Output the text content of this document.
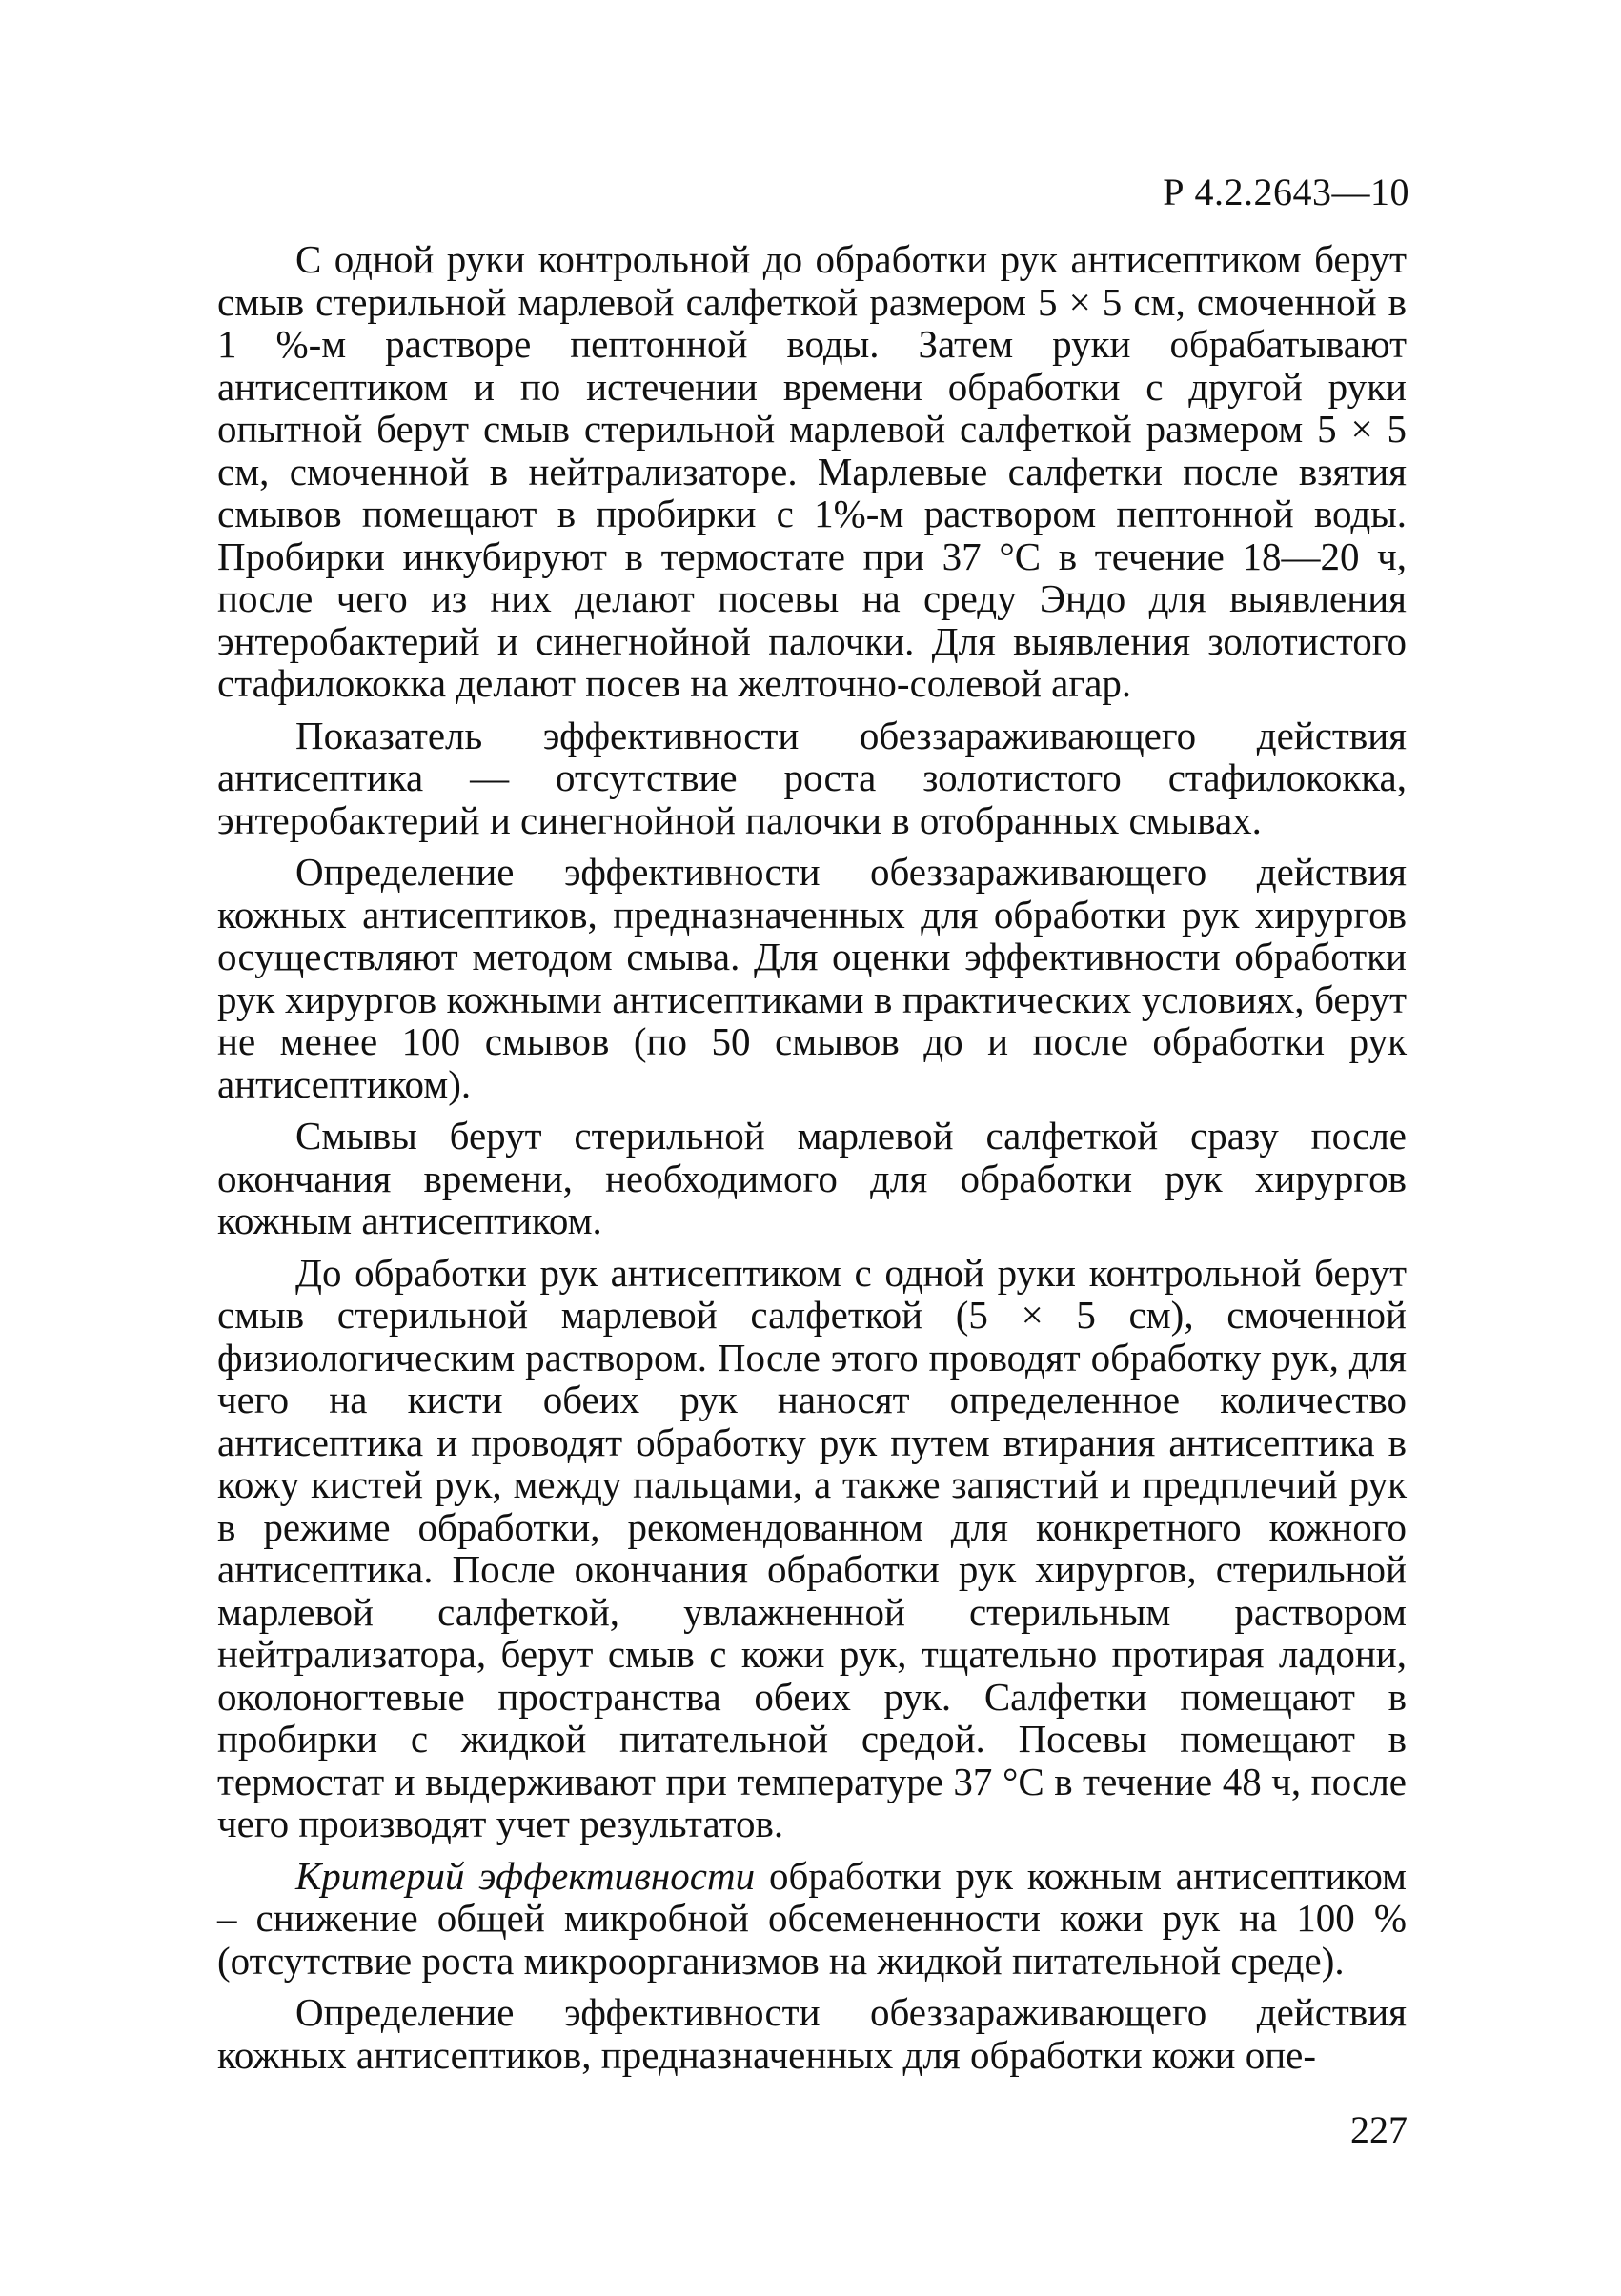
Р 4.2.2643—10

С одной руки контрольной до обработки рук антисептиком берут смыв стерильной марлевой салфеткой размером 5 × 5 см, смоченной в 1 %-м растворе пептонной воды. Затем руки обрабатывают антисептиком и по истечении времени обработки с другой руки опытной берут смыв стерильной марлевой салфеткой размером 5 × 5 см, смоченной в нейтрализаторе. Марлевые салфетки после взятия смывов помещают в пробирки с 1%-м раствором пептонной воды. Пробирки инкубируют в термостате при 37 °С в течение 18—20 ч, после чего из них делают посевы на среду Эндо для выявления энтеробактерий и синегнойной палочки. Для выявления золотистого стафилококка делают посев на желточно-солевой агар.

Показатель эффективности обеззараживающего действия антисептика — отсутствие роста золотистого стафилококка, энтеробактерий и синегнойной палочки в отобранных смывах.

Определение эффективности обеззараживающего действия кожных антисептиков, предназначенных для обработки рук хирургов осуществляют методом смыва. Для оценки эффективности обработки рук хирургов кожными антисептиками в практических условиях, берут не менее 100 смывов (по 50 смывов до и после обработки рук антисептиком).

Смывы берут стерильной марлевой салфеткой сразу после окончания времени, необходимого для обработки рук хирургов кожным антисептиком.

До обработки рук антисептиком с одной руки контрольной берут смыв стерильной марлевой салфеткой (5 × 5 см), смоченной физиологическим раствором. После этого проводят обработку рук, для чего на кисти обеих рук наносят определенное количество антисептика и проводят обработку рук путем втирания антисептика в кожу кистей рук, между пальцами, а также запястий и предплечий рук в режиме обработки, рекомендованном для конкретного кожного антисептика. После окончания обработки рук хирургов, стерильной марлевой салфеткой, увлажненной стерильным раствором нейтрализатора, берут смыв с кожи рук, тщательно протирая ладони, околоногтевые пространства обеих рук. Салфетки помещают в пробирки с жидкой питательной средой. Посевы помещают в термостат и выдерживают при температуре 37 °С в течение 48 ч, после чего производят учет результатов.

Критерий эффективности обработки рук кожным антисептиком – снижение общей микробной обсемененности кожи рук на 100 % (отсутствие роста микроорганизмов на жидкой питательной среде).

Определение эффективности обеззараживающего действия кожных антисептиков, предназначенных для обработки кожи опе-

227
